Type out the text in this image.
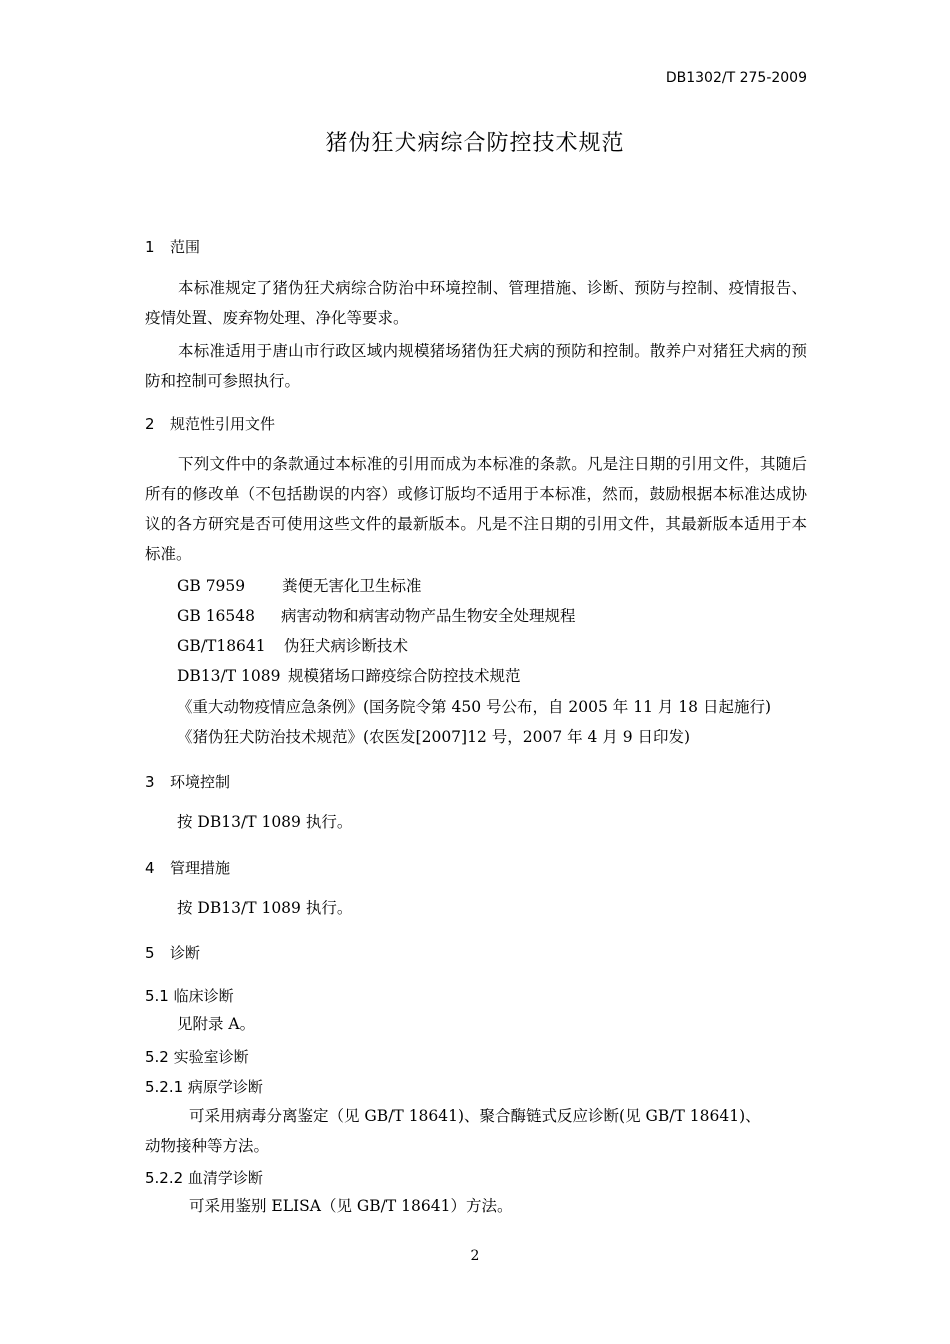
DB1302/T 275-2009
猪伪狂犬病综合防控技术规范
1 范围
本标准规定了猪伪狂犬病综合防治中环境控制、管理措施、诊断、预防与控制、疫情报告、疫情处置、废弃物处理、净化等要求。
本标准适用于唐山市行政区域内规模猪场猪伪狂犬病的预防和控制。散养户对猪狂犬病的预防和控制可参照执行。
2 规范性引用文件
下列文件中的条款通过本标准的引用而成为本标准的条款。凡是注日期的引用文件，其随后所有的修改单（不包括勘误的内容）或修订版均不适用于本标准，然而，鼓励根据本标准达成协议的各方研究是否可使用这些文件的最新版本。凡是不注日期的引用文件，其最新版本适用于本标准。
GB 7959 粪便无害化卫生标准
GB 16548 病害动物和病害动物产品生物安全处理规程
GB/T18641 伪狂犬病诊断技术
DB13/T 1089 规模猪场口蹄疫综合防控技术规范
《重大动物疫情应急条例》(国务院令第 450 号公布，自 2005 年 11 月 18 日起施行)
《猪伪狂犬防治技术规范》(农医发[2007]12 号，2007 年 4 月 9 日印发)
3 环境控制
按 DB13/T 1089 执行。
4 管理措施
按 DB13/T 1089 执行。
5 诊断
5.1 临床诊断
见附录 A。
5.2 实验室诊断
5.2.1 病原学诊断
可采用病毒分离鉴定（见 GB/T 18641)、聚合酶链式反应诊断(见 GB/T 18641)、
动物接种等方法。
5.2.2 血清学诊断
可采用鉴别 ELISA（见 GB/T 18641）方法。
2
